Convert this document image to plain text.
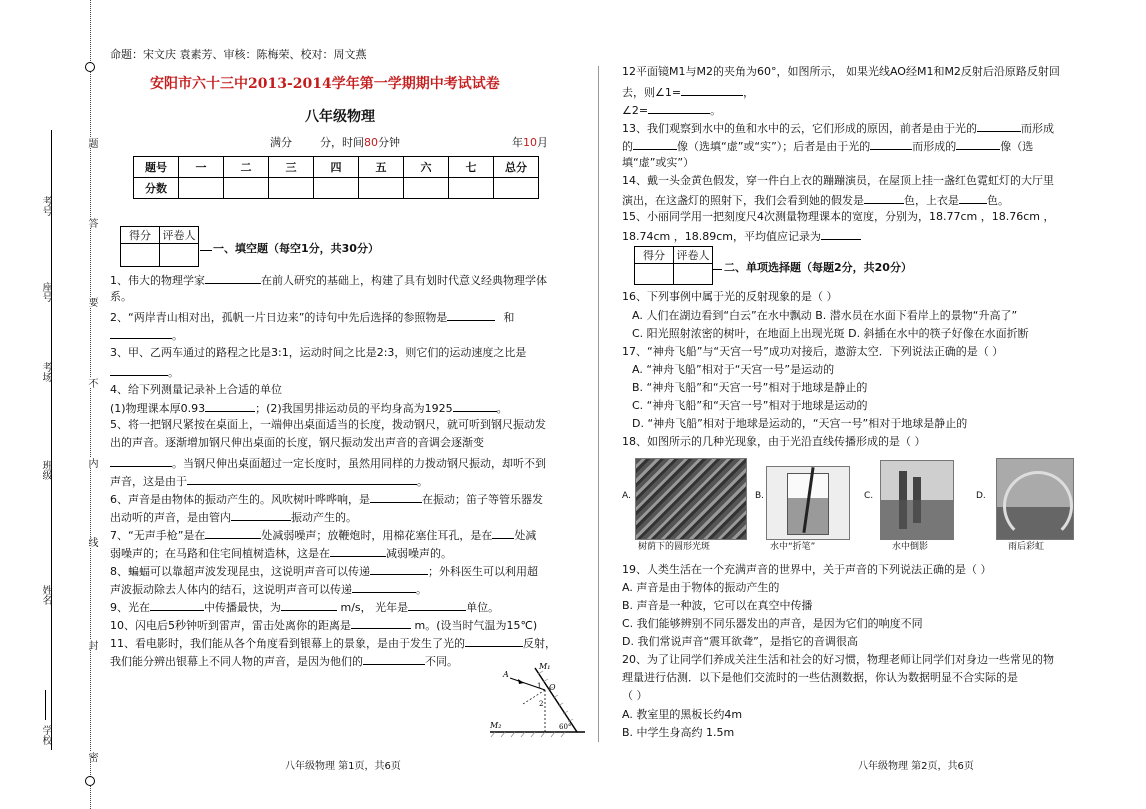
学校
姓名
班级
考场
座号
考号
密
封
线
内
不
要
答
题
命题：宋文庆 袁素芳、审核：陈梅荣、校对：周文燕
安阳市六十三中2013-2014学年第一学期期中考试试卷
八年级物理
满分	分，时间80分钟	年10月
题号	一	二	三	四	五	六	七	总分
分数								
得分	评卷人

一、填空题（每空1分，共30分）
1、伟大的物理学家	在前人研究的基础上，构建了具有划时代意义经典物理学体
系。
2、“两岸青山相对出，孤帆一片日边来”的诗句中先后选择的参照物是	和
。
3、甲、乙两车通过的路程之比是3:1，运动时间之比是2:3，则它们的运动速度之比是
。
4、给下列测量记录补上合适的单位
(1)物理课本厚0.93	；(2)我国男排运动员的平均身高为1925	。
5、将一把钢尺紧按在桌面上，一端伸出桌面适当的长度，拨动钢尺，就可听到钢尺振动发
出的声音。逐渐增加钢尺伸出桌面的长度，钢尺振动发出声音的音调会逐渐变
。当钢尺伸出桌面超过一定长度时，虽然用同样的力拨动钢尺振动，却听不到
声音，这是由于	。
6、声音是由物体的振动产生的。风吹树叶哗哗响，是	在振动；笛子等管乐器发
出动听的声音，是由管内	振动产生的。
7、“无声手枪”是在	处减弱噪声；放鞭炮时，用棉花塞住耳孔，是在 处减
弱噪声的；在马路和住宅间植树造林，这是在	减弱噪声的。
8、蝙蝠可以靠超声波发现昆虫，这说明声音可以传递	；外科医生可以利用超
声波振动除去人体内的结石，这说明声音可以传递	。
9、光在	中传播最快，为	m/s， 光年是	单位。
10、闪电后5秒钟听到雷声，雷击处离你的距离是	m。(设当时气温为15℃)
11、看电影时，我们能从各个角度看到银幕上的景象，是由于发生了光的	反射，
我们能分辨出银幕上不同人物的声音，是因为他们的	不同。	M₁
M₂
A
O
1
2
60°
八年级物理 第1页，共6页
12平面镜M1与M2的夹角为60°，如图所示， 如果光线AO经M1和M2反射后沿原路反射回
去，则∠1=	，
∠2=	。
13、我们观察到水中的鱼和水中的云，它们形成的原因，前者是由于光的	而形成
的	像（选填“虚”或“实”）；后者是由于光的	而形成的	像（选
填“虚”或实”）
14、戴一头金黄色假发，穿一件白上衣的蹦蹦演员，在屋顶上挂一盏红色霓虹灯的大厅里
演出，在这盏灯的照射下，我们会看到她的假发是	色，上衣是	色。
15、小丽同学用一把刻度尺4次测量物理课本的宽度，分别为，18.77cm ，18.76cm ，
18.74cm ，18.89cm，平均值应记录为
得分	评卷人

二、单项选择题（每题2分，共20分）
16、下列事例中属于光的反射现象的是（ ）
A. 人们在湖边看到“白云”在水中飘动 B. 潜水员在水面下看岸上的景物“升高了”
C. 阳光照射浓密的树叶，在地面上出现光斑 D. 斜插在水中的筷子好像在水面折断
17、“神舟飞船”与“天宫一号”成功对接后，遨游太空．下列说法正确的是（ ）
A. “神舟飞船”相对于“天宫一号”是运动的
B. “神舟飞船”和“天宫一号”相对于地球是静止的
C. “神舟飞船”和“天宫一号”相对于地球是运动的
D. “神舟飞船”相对于地球是运动的，“天宫一号”相对于地球是静止的
18、如图所示的几种光现象，由于光沿直线传播形成的是（ ）
A.
树荫下的圆形光斑
B.
水中“折笔”
C.
水中倒影
D.
雨后彩虹
19、人类生活在一个充满声音的世界中，关于声音的下列说法正确的是（ ）
A. 声音是由于物体的振动产生的
B. 声音是一种波，它可以在真空中传播
C. 我们能够辨别不同乐器发出的声音，是因为它们的响度不同
D. 我们常说声音“震耳欲聋”，是指它的音调很高
20、为了让同学们养成关注生活和社会的好习惯，物理老师让同学们对身边一些常见的物
理量进行估测．以下是他们交流时的一些估测数据，你认为数据明显不合实际的是
（ ）
A. 教室里的黑板长约4m
B. 中学生身高约 1.5m
八年级物理 第2页，共6页
